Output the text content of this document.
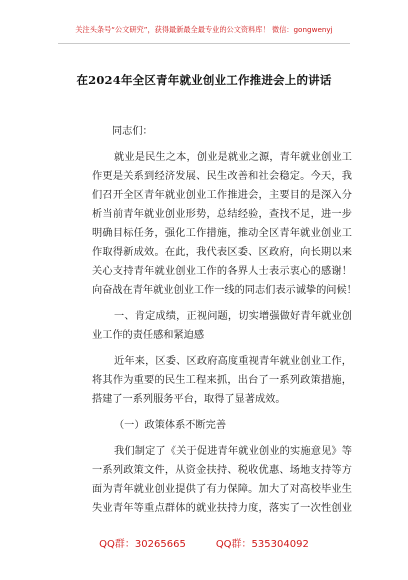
关注头条号“公文研究”，获得最新最全最专业的公文资料库！ 微信：gongwenyj
在2024年全区青年就业创业工作推进会上的讲话
同志们：
就业是民生之本，创业是就业之源，青年就业创业工
作更是关系到经济发展、民生改善和社会稳定。今天，我
们召开全区青年就业创业工作推进会，主要目的是深入分
析当前青年就业创业形势，总结经验，查找不足，进一步
明确目标任务，强化工作措施，推动全区青年就业创业工
作取得新成效。在此，我代表区委、区政府，向长期以来
关心支持青年就业创业工作的各界人士表示衷心的感谢！
向奋战在青年就业创业工作一线的同志们表示诚挚的问候！
一、肯定成绩，正视问题，切实增强做好青年就业创
业工作的责任感和紧迫感
近年来，区委、区政府高度重视青年就业创业工作，
将其作为重要的民生工程来抓，出台了一系列政策措施，
搭建了一系列服务平台，取得了显著成效。
（一）政策体系不断完善
我们制定了《关于促进青年就业创业的实施意见》等
一系列政策文件，从资金扶持、税收优惠、场地支持等方
面为青年就业创业提供了有力保障。加大了对高校毕业生
失业青年等重点群体的就业扶持力度，落实了一次性创业
QQ群：30265665	QQ群：535304092
